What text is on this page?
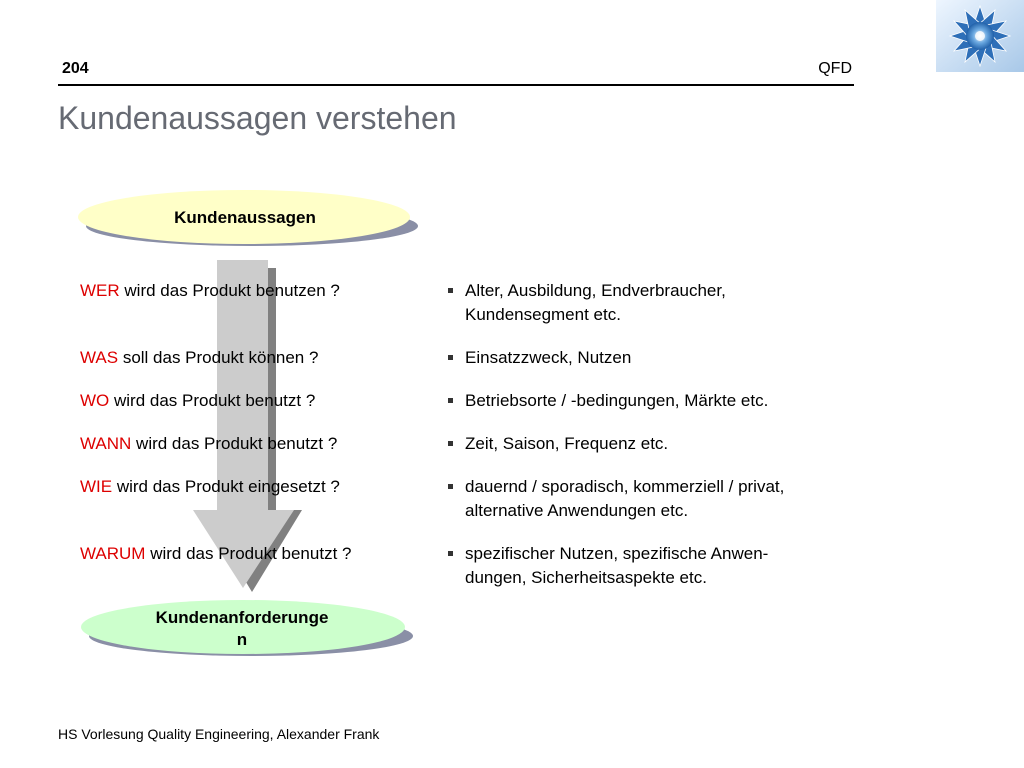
204	QFD
Kundenaussagen verstehen
Kundenaussagen
Kundenanforderunge
n
WER wird das Produkt benutzen ?
WAS soll das Produkt können ?
WO wird das Produkt benutzt ?
WANN wird das Produkt benutzt ?
WIE wird das Produkt eingesetzt ?
WARUM wird das Produkt benutzt ?
Alter, Ausbildung, Endverbraucher,
Kundensegment etc.
Einsatzzweck, Nutzen
Betriebsorte / -bedingungen, Märkte etc.
Zeit, Saison, Frequenz etc.
dauernd / sporadisch, kommerziell / privat,
alternative Anwendungen etc.
spezifischer Nutzen, spezifische Anwen-
dungen, Sicherheitsaspekte etc.
HS Vorlesung Quality Engineering, Alexander Frank
